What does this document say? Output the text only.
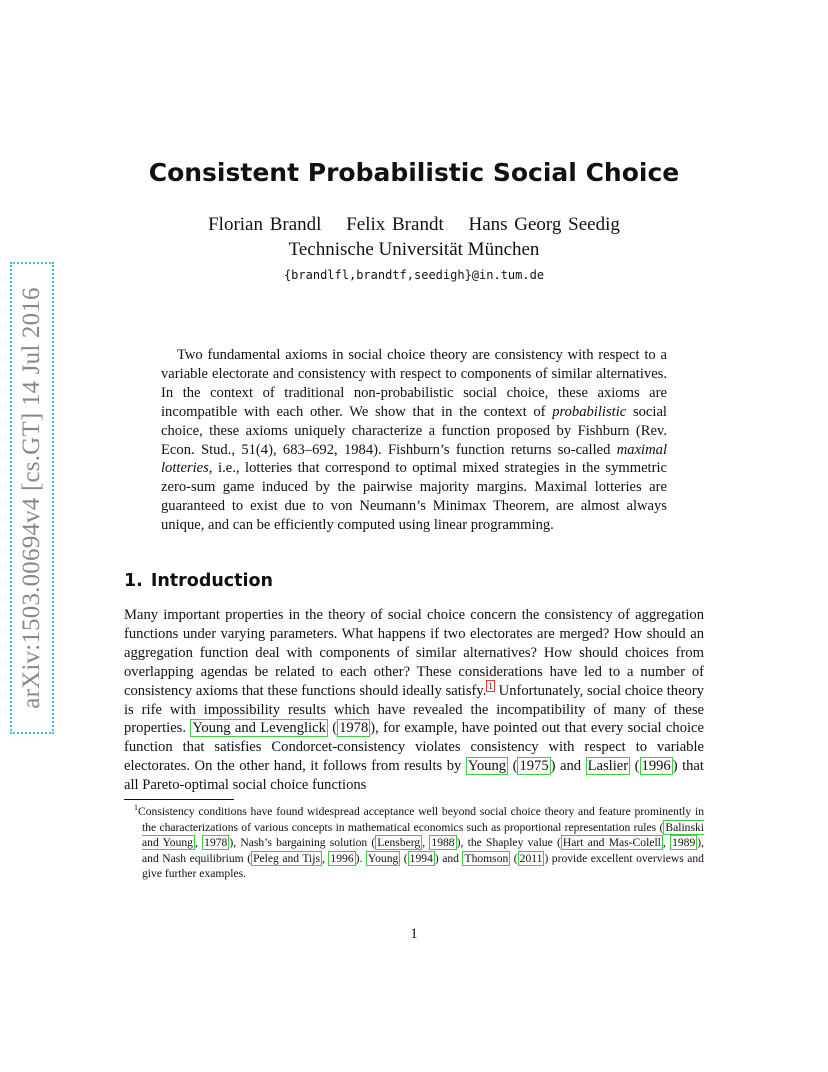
arXiv:1503.00694v4 [cs.GT] 14 Jul 2016
Consistent Probabilistic Social Choice
Florian Brandl Felix Brandt Hans Georg Seedig
Technische Universität München
{brandlfl,brandtf,seedigh}@in.tum.de

Two fundamental axioms in social choice theory are consistency with respect to a variable electorate and consistency with respect to components of similar alternatives. In the context of traditional non-probabilistic social choice, these axioms are incompatible with each other. We show that in the context of probabilistic social choice, these axioms uniquely characterize a function proposed by Fishburn (Rev. Econ. Stud., 51(4), 683–692, 1984). Fishburn’s function returns so-called maximal lotteries, i.e., lotteries that correspond to optimal mixed strategies in the symmetric zero-sum game induced by the pairwise majority margins. Maximal lotteries are guaranteed to exist due to von Neumann’s Minimax Theorem, are almost always unique, and can be efficiently computed using linear programming.

1. Introduction

Many important properties in the theory of social choice concern the consistency of aggregation functions under varying parameters. What happens if two electorates are merged? How should an aggregation function deal with components of similar alternatives? How should choices from overlapping agendas be related to each other? These considerations have led to a number of consistency axioms that these functions should ideally satisfy. $^1$ Unfortunately, social choice theory is rife with impossibility results which have revealed the incompatibility of many of these properties. Young and Levenglick ( 1978 ), for example, have pointed out that every social choice function that satisfies Condorcet-consistency violates consistency with respect to variable electorates. On the other hand, it follows from results by Young ( 1975 ) and Laslier ( 1996 ) that all Pareto-optimal social choice functions

$^1$Consistency conditions have found widespread acceptance well beyond social choice theory and feature prominently in the characterizations of various concepts in mathematical economics such as proportional representation rules ( Balinski and Young , 1978 ), Nash’s bargaining solution ( Lensberg , 1988 ), the Shapley value ( Hart and Mas-Colell , 1989 ), and Nash equilibrium ( Peleg and Tijs , 1996 ). Young ( 1994 ) and Thomson ( 2011 ) provide excellent overviews and give further examples.

1
